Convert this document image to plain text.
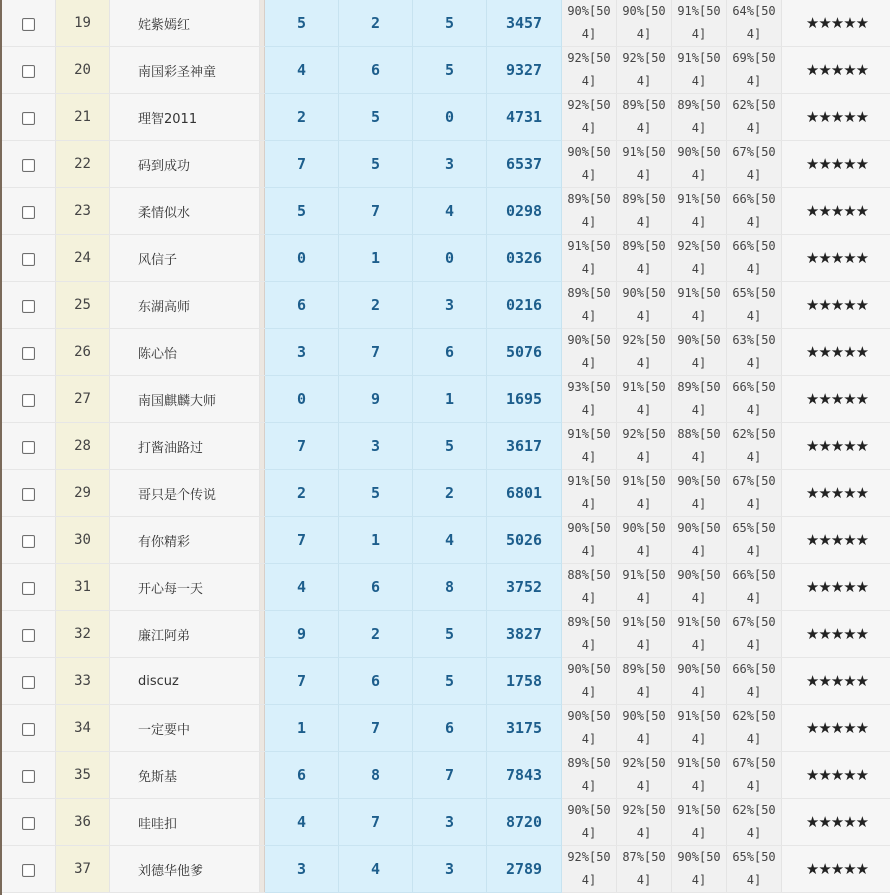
	19	姹紫嫣红		5	2	5	3457	90%[504]	90%[504]	91%[504]	64%[504]	★★★★★
	20	南国彩圣神童		4	6	5	9327	92%[504]	92%[504]	91%[504]	69%[504]	★★★★★
	21	理智2011		2	5	0	4731	92%[504]	89%[504]	89%[504]	62%[504]	★★★★★
	22	码到成功		7	5	3	6537	90%[504]	91%[504]	90%[504]	67%[504]	★★★★★
	23	柔情似水		5	7	4	0298	89%[504]	89%[504]	91%[504]	66%[504]	★★★★★
	24	风信子		0	1	0	0326	91%[504]	89%[504]	92%[504]	66%[504]	★★★★★
	25	东湖高师		6	2	3	0216	89%[504]	90%[504]	91%[504]	65%[504]	★★★★★
	26	陈心怡		3	7	6	5076	90%[504]	92%[504]	90%[504]	63%[504]	★★★★★
	27	南国麒麟大师		0	9	1	1695	93%[504]	91%[504]	89%[504]	66%[504]	★★★★★
	28	打酱油路过		7	3	5	3617	91%[504]	92%[504]	88%[504]	62%[504]	★★★★★
	29	哥只是个传说		2	5	2	6801	91%[504]	91%[504]	90%[504]	67%[504]	★★★★★
	30	有你精彩		7	1	4	5026	90%[504]	90%[504]	90%[504]	65%[504]	★★★★★
	31	开心每一天		4	6	8	3752	88%[504]	91%[504]	90%[504]	66%[504]	★★★★★
	32	廉江阿弟		9	2	5	3827	89%[504]	91%[504]	91%[504]	67%[504]	★★★★★
	33	discuz		7	6	5	1758	90%[504]	89%[504]	90%[504]	66%[504]	★★★★★
	34	一定要中		1	7	6	3175	90%[504]	90%[504]	91%[504]	62%[504]	★★★★★
	35	免斯基		6	8	7	7843	89%[504]	92%[504]	91%[504]	67%[504]	★★★★★
	36	哇哇扣		4	7	3	8720	90%[504]	92%[504]	91%[504]	62%[504]	★★★★★
	37	刘德华他爹		3	4	3	2789	92%[504]	87%[504]	90%[504]	65%[504]	★★★★★
